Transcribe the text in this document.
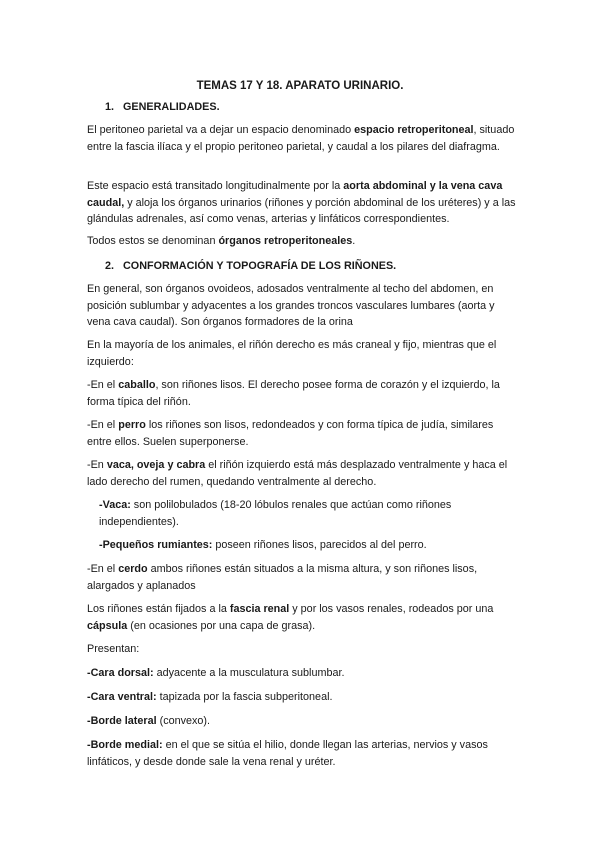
TEMAS 17 Y 18. APARATO URINARIO.
1. GENERALIDADES.
El peritoneo parietal va a dejar un espacio denominado espacio retroperitoneal, situado entre la fascia ilíaca y el propio peritoneo parietal, y caudal a los pilares del diafragma.
Este espacio está transitado longitudinalmente por la aorta abdominal y la vena cava caudal, y aloja los órganos urinarios (riñones y porción abdominal de los uréteres) y a las glándulas adrenales, así como venas, arterias y linfáticos correspondientes.
Todos estos se denominan órganos retroperitoneales.
2. CONFORMACIÓN Y TOPOGRAFÍA DE LOS RIÑONES.
En general, son órganos ovoideos, adosados ventralmente al techo del abdomen, en posición sublumbar y adyacentes a los grandes troncos vasculares lumbares (aorta y vena cava caudal). Son órganos formadores de la orina
En la mayoría de los animales, el riñón derecho es más craneal y fijo, mientras que el izquierdo:
-En el caballo, son riñones lisos. El derecho posee forma de corazón y el izquierdo, la forma típica del riñón.
-En el perro los riñones son lisos, redondeados y con forma típica de judía, similares entre ellos. Suelen superponerse.
-En vaca, oveja y cabra el riñón izquierdo está más desplazado ventralmente y haca el lado derecho del rumen, quedando ventralmente al derecho.
-Vaca: son polilobulados (18-20 lóbulos renales que actúan como riñones independientes).
-Pequeños rumiantes: poseen riñones lisos, parecidos al del perro.
-En el cerdo ambos riñones están situados a la misma altura, y son riñones lisos, alargados y aplanados
Los riñones están fijados a la fascia renal y por los vasos renales, rodeados por una cápsula (en ocasiones por una capa de grasa).
Presentan:
-Cara dorsal: adyacente a la musculatura sublumbar.
-Cara ventral: tapizada por la fascia subperitoneal.
-Borde lateral (convexo).
-Borde medial: en el que se sitúa el hilio, donde llegan las arterias, nervios y vasos linfáticos, y desde donde sale la vena renal y uréter.
